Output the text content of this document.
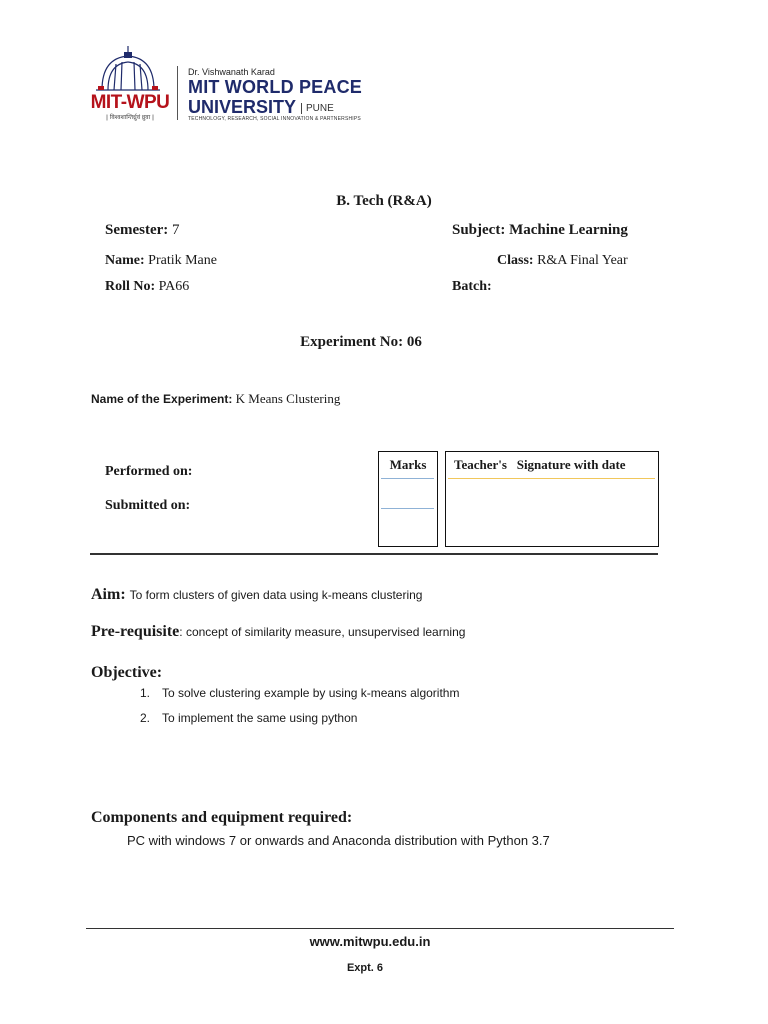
MIT-WPU
|| विश्वशान्तिर्ध्रुवं ध्रुवा ||
Dr. Vishwanath Karad
MIT WORLD PEACE
UNIVERSITY PUNE
TECHNOLOGY, RESEARCH, SOCIAL INNOVATION & PARTNERSHIPS
B. Tech (R&A)
Semester: 7	Subject: Machine Learning
Name: Pratik Mane	Class: R&A Final Year
Roll No: PA66	Batch:
Experiment No: 06
Name of the Experiment: K Means Clustering
Performed on:
Submitted on:
Marks	Teacher's Signature with date
Aim: To form clusters of given data using k-means clustering
Pre-requisite: concept of similarity measure, unsupervised learning
Objective:
1. To solve clustering example by using k-means algorithm
2. To implement the same using python
Components and equipment required:
PC with windows 7 or onwards and Anaconda distribution with Python 3.7
www.mitwpu.edu.in
Expt. 6
